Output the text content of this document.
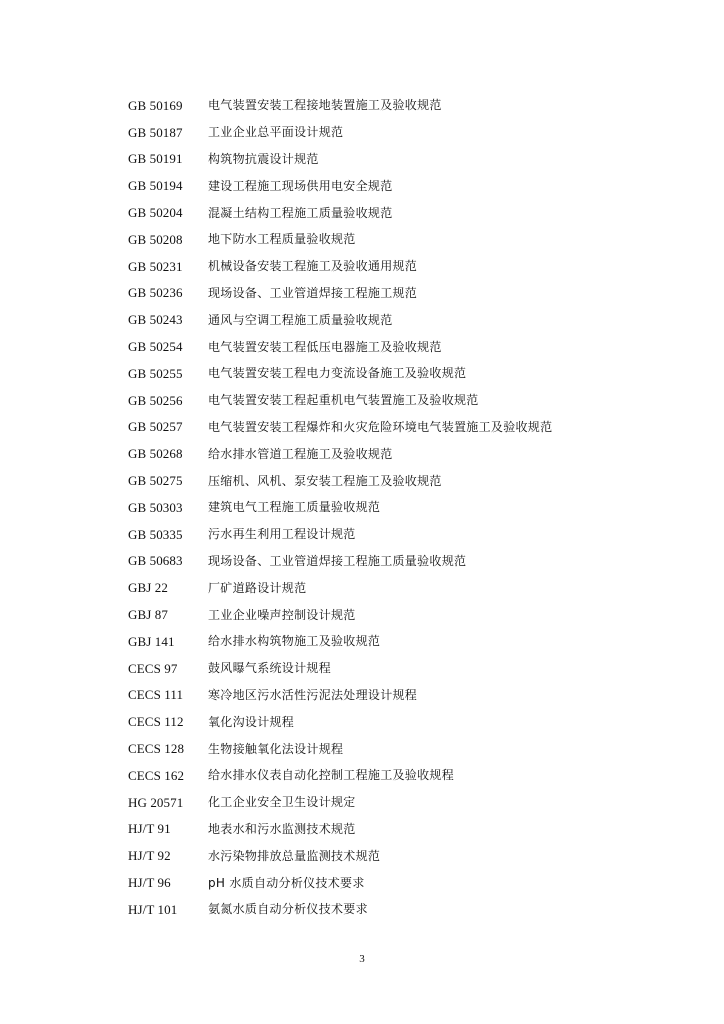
GB 50169	电气装置安装工程接地装置施工及验收规范
GB 50187	工业企业总平面设计规范
GB 50191	构筑物抗震设计规范
GB 50194	建设工程施工现场供用电安全规范
GB 50204	混凝土结构工程施工质量验收规范
GB 50208	地下防水工程质量验收规范
GB 50231	机械设备安装工程施工及验收通用规范
GB 50236	现场设备、工业管道焊接工程施工规范
GB 50243	通风与空调工程施工质量验收规范
GB 50254	电气装置安装工程低压电器施工及验收规范
GB 50255	电气装置安装工程电力变流设备施工及验收规范
GB 50256	电气装置安装工程起重机电气装置施工及验收规范
GB 50257	电气装置安装工程爆炸和火灾危险环境电气装置施工及验收规范
GB 50268	给水排水管道工程施工及验收规范
GB 50275	压缩机、风机、泵安装工程施工及验收规范
GB 50303	建筑电气工程施工质量验收规范
GB 50335	污水再生利用工程设计规范
GB 50683	现场设备、工业管道焊接工程施工质量验收规范
GBJ 22	厂矿道路设计规范
GBJ 87	工业企业噪声控制设计规范
GBJ 141	给水排水构筑物施工及验收规范
CECS 97	鼓风曝气系统设计规程
CECS 111	寒冷地区污水活性污泥法处理设计规程
CECS 112	氧化沟设计规程
CECS 128	生物接触氧化法设计规程
CECS 162	给水排水仪表自动化控制工程施工及验收规程
HG 20571	化工企业安全卫生设计规定
HJ/T 91	地表水和污水监测技术规范
HJ/T 92	水污染物排放总量监测技术规范
HJ/T 96	pH 水质自动分析仪技术要求
HJ/T 101	氨氮水质自动分析仪技术要求
3
